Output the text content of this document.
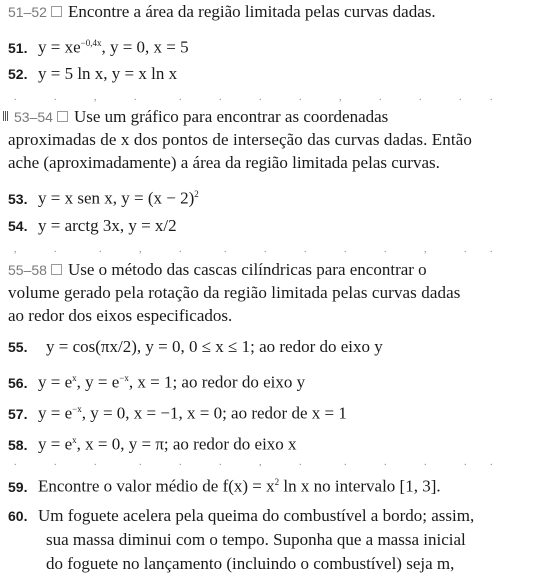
51–52 Encontre a área da região limitada pelas curvas dadas.
51. $y = xe^{-0,4x}$, y = 0, x = 5
52. y = 5 ln x, y = x ln x
.	.	,	.	.	.	.	.	,	.	.	.	.
53–54 Use um gráfico para encontrar as coordenadas
aproximadas de x dos pontos de interseção das curvas dadas. Então
ache (aproximadamente) a área da região limitada pelas curvas.
53. y = x sen x, $y = (x - 2)^2$
54. y = arctg 3x, y = x/2
,	.	.	,	.	.	.	.	.	.	,	. .
55–58 Use o método das cascas cilíndricas para encontrar o
volume gerado pela rotação da região limitada pelas curvas dadas
ao redor dos eixos especificados.
55. y = cos(πx/2), y = 0, 0 ≤ x ≤ 1; ao redor do eixo y
56. $y = e^x$, $y = e^{-x}$, x = 1; ao redor do eixo y
57. $y = e^{-x}$, y = 0, x = −1, x = 0; ao redor de x = 1
58. $y = e^x$, x = 0, y = π; ao redor do eixo x
.	.	.	.	.	.	,	.	.	.	.	. .
59. Encontre o valor médio de $f(x) = x^2$ ln x no intervalo [1, 3].
60. Um foguete acelera pela queima do combustível a bordo; assim,
sua massa diminui com o tempo. Suponha que a massa inicial
do foguete no lançamento (incluindo o combustível) seja m,
